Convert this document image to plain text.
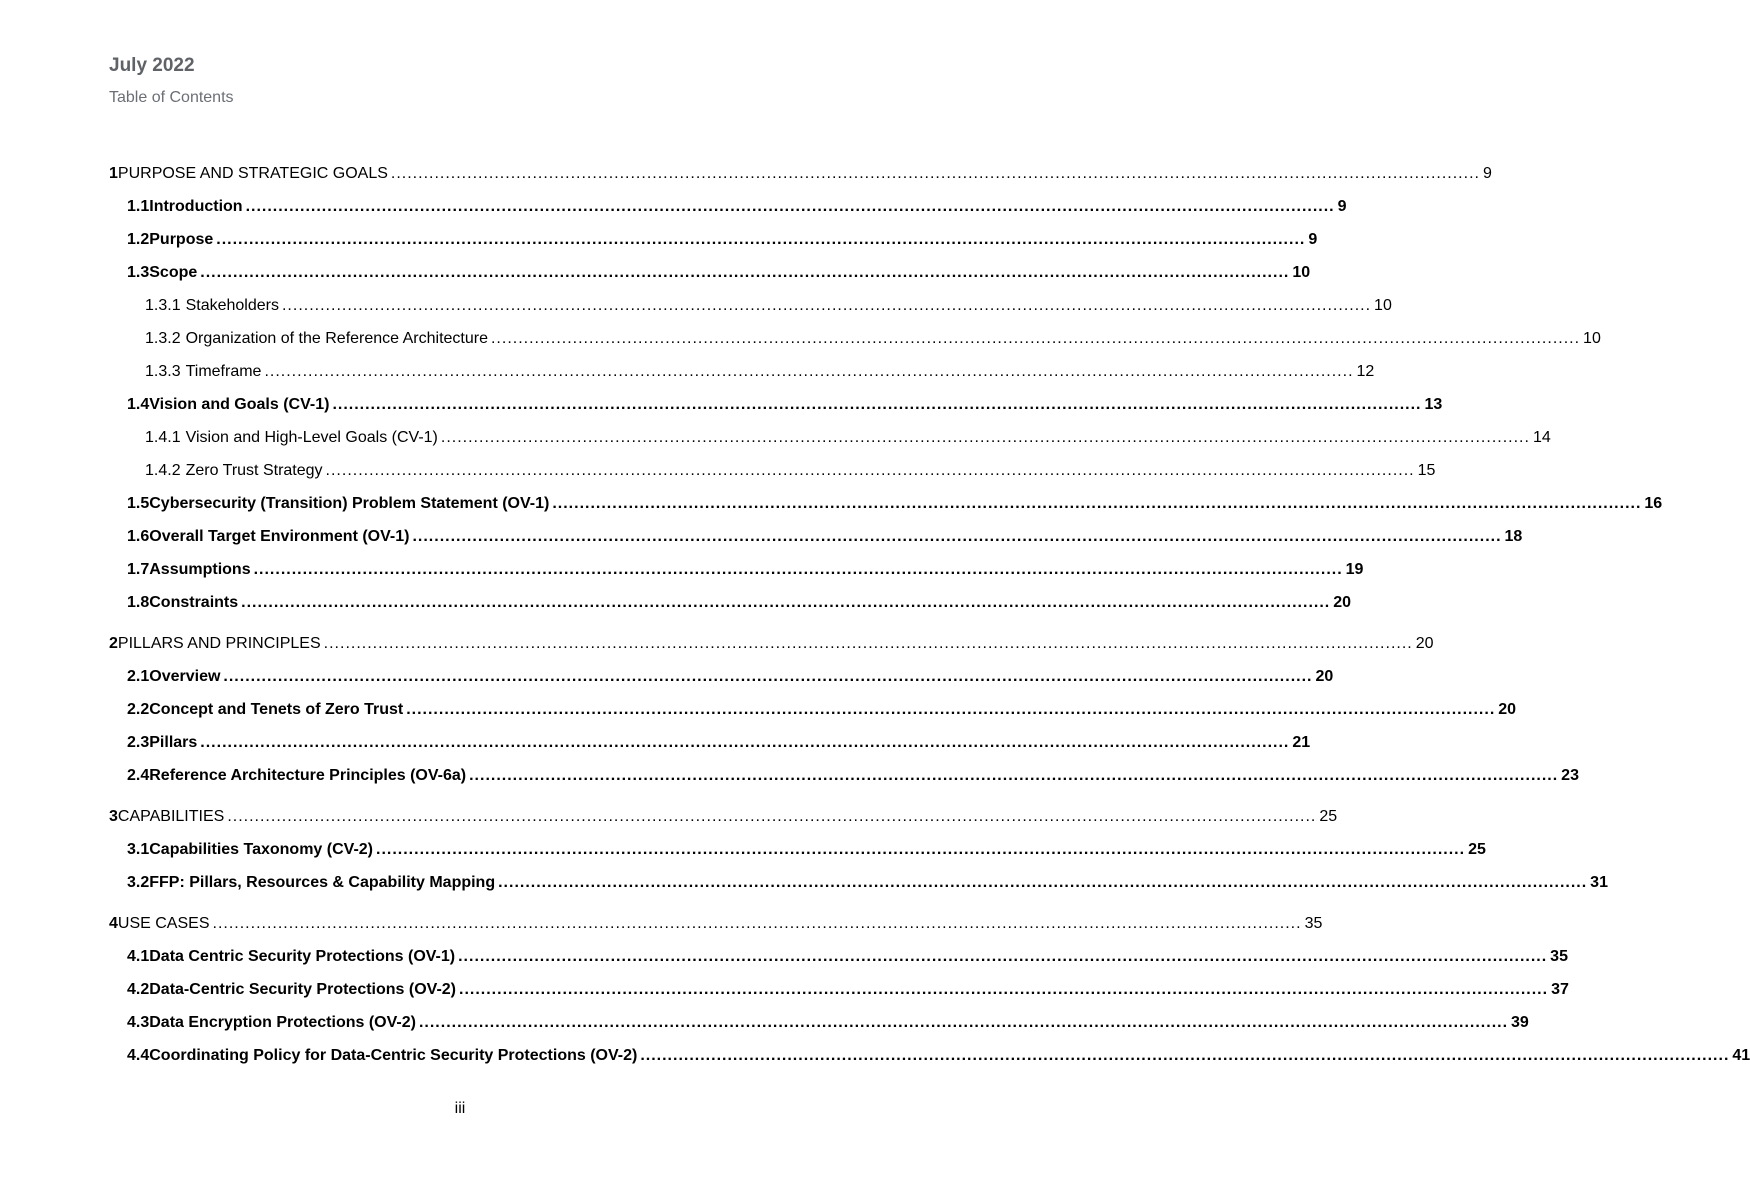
July 2022
Table of Contents
1 PURPOSE AND STRATEGIC GOALS ........................................................................................................................................................................................................ 9
1.1 Introduction ........................................................................................................................................................................................................ 9
1.2 Purpose ........................................................................................................................................................................................................ 9
1.3 Scope ........................................................................................................................................................................................................ 10
1.3.1 Stakeholders ........................................................................................................................................................................................................ 10
1.3.2 Organization of the Reference Architecture ........................................................................................................................................................................................................ 10
1.3.3 Timeframe ........................................................................................................................................................................................................ 12
1.4 Vision and Goals (CV-1) ........................................................................................................................................................................................................ 13
1.4.1 Vision and High-Level Goals (CV-1) ........................................................................................................................................................................................................ 14
1.4.2 Zero Trust Strategy ........................................................................................................................................................................................................ 15
1.5 Cybersecurity (Transition) Problem Statement (OV-1) ........................................................................................................................................................................................................ 16
1.6 Overall Target Environment (OV-1) ........................................................................................................................................................................................................ 18
1.7 Assumptions ........................................................................................................................................................................................................ 19
1.8 Constraints ........................................................................................................................................................................................................ 20
2 PILLARS AND PRINCIPLES ........................................................................................................................................................................................................ 20
2.1 Overview ........................................................................................................................................................................................................ 20
2.2 Concept and Tenets of Zero Trust ........................................................................................................................................................................................................ 20
2.3 Pillars ........................................................................................................................................................................................................ 21
2.4 Reference Architecture Principles (OV-6a) ........................................................................................................................................................................................................ 23
3 CAPABILITIES ........................................................................................................................................................................................................ 25
3.1 Capabilities Taxonomy (CV-2) ........................................................................................................................................................................................................ 25
3.2 FFP: Pillars, Resources & Capability Mapping ........................................................................................................................................................................................................ 31
4 USE CASES ........................................................................................................................................................................................................ 35
4.1 Data Centric Security Protections (OV-1) ........................................................................................................................................................................................................ 35
4.2 Data-Centric Security Protections (OV-2) ........................................................................................................................................................................................................ 37
4.3 Data Encryption Protections (OV-2) ........................................................................................................................................................................................................ 39
4.4 Coordinating Policy for Data-Centric Security Protections (OV-2) ........................................................................................................................................................................................................ 41
iii
